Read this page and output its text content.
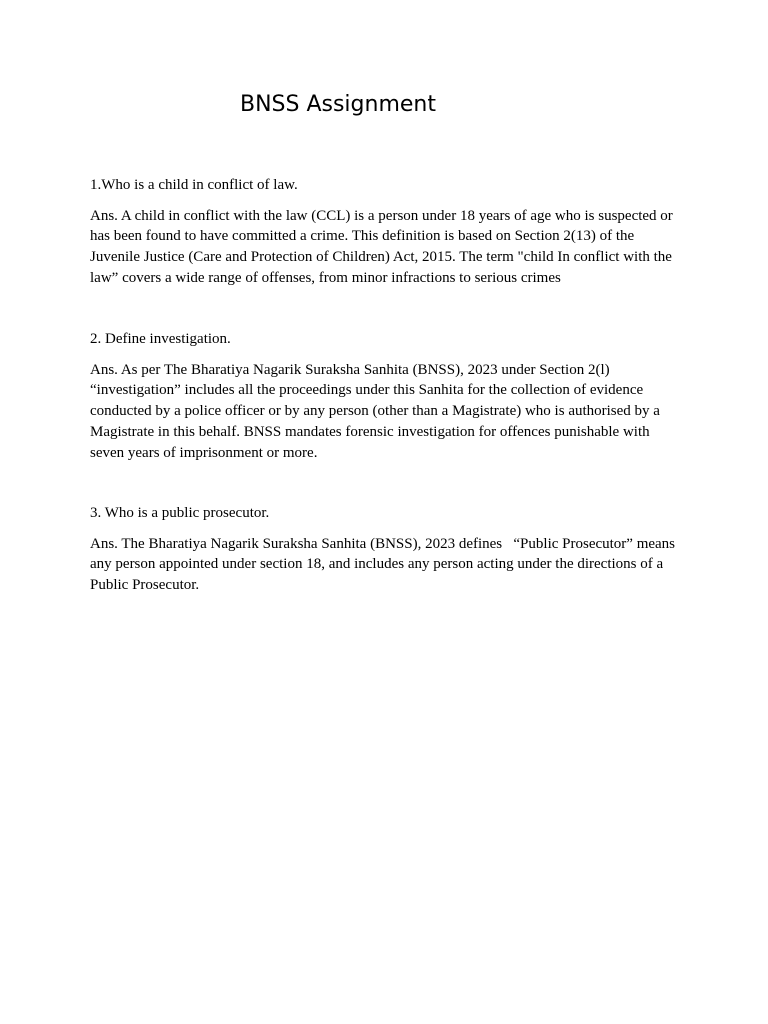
BNSS Assignment

1.Who is a child in conflict of law.

Ans. A child in conflict with the law (CCL) is a person under 18 years of age who is suspected or has been found to have committed a crime. This definition is based on Section 2(13) of the Juvenile Justice (Care and Protection of Children) Act, 2015. The term "child In conflict with the law” covers a wide range of offenses, from minor infractions to serious crimes

2. Define investigation.

Ans. As per The Bharatiya Nagarik Suraksha Sanhita (BNSS), 2023 under Section 2(l) “investigation” includes all the proceedings under this Sanhita for the collection of evidence conducted by a police officer or by any person (other than a Magistrate) who is authorised by a Magistrate in this behalf. BNSS mandates forensic investigation for offences punishable with seven years of imprisonment or more.

3. Who is a public prosecutor.

Ans. The Bharatiya Nagarik Suraksha Sanhita (BNSS), 2023 defines   “Public Prosecutor” means any person appointed under section 18, and includes any person acting under the directions of a Public Prosecutor.
